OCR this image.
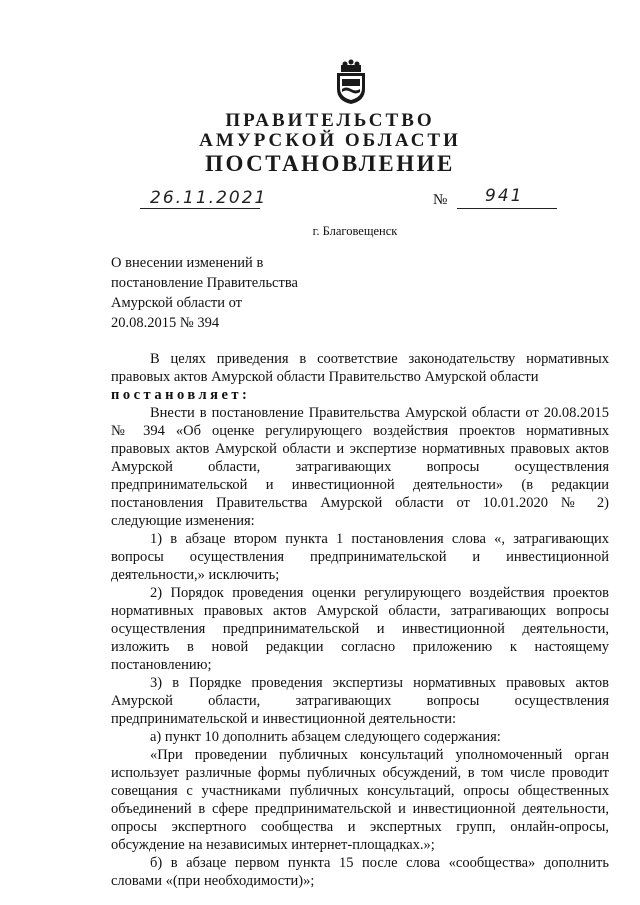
ПРАВИТЕЛЬСТВО
АМУРСКОЙ ОБЛАСТИ
ПОСТАНОВЛЕНИЕ
26.11.2021	№ 941
г. Благовещенск
О внесении изменений в
постановление Правительства
Амурской области от
20.08.2015 № 394

В целях приведения в соответствие законодательству нормативных правовых актов Амурской области Правительство Амурской области

постановляет:

Внести в постановление Правительства Амурской области от 20.08.2015 № 394 «Об оценке регулирующего воздействия проектов нормативных правовых актов Амурской области и экспертизе нормативных правовых актов Амурской области, затрагивающих вопросы осуществления предпринимательской и инвестиционной деятельности» (в редакции постановления Правительства Амурской области от 10.01.2020 № 2) следующие изменения:

1) в абзаце втором пункта 1 постановления слова «, затрагивающих вопросы осуществления предпринимательской и инвестиционной деятельности,» исключить;

2) Порядок проведения оценки регулирующего воздействия проектов нормативных правовых актов Амурской области, затрагивающих вопросы осуществления предпринимательской и инвестиционной деятельности, изложить в новой редакции согласно приложению к настоящему постановлению;

3) в Порядке проведения экспертизы нормативных правовых актов Амурской области, затрагивающих вопросы осуществления предпринимательской и инвестиционной деятельности:

а) пункт 10 дополнить абзацем следующего содержания:

«При проведении публичных консультаций уполномоченный орган использует различные формы публичных обсуждений, в том числе проводит совещания с участниками публичных консультаций, опросы общественных объединений в сфере предпринимательской и инвестиционной деятельности, опросы экспертного сообщества и экспертных групп, онлайн-опросы, обсуждение на независимых интернет-площадках.»;

б) в абзаце первом пункта 15 после слова «сообщества» дополнить словами «(при необходимости)»;
